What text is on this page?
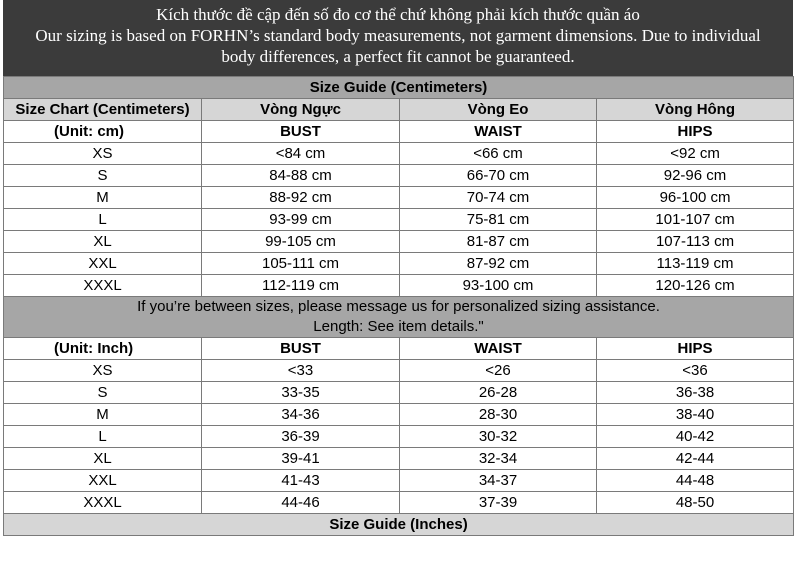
Kích thước đề cập đến số đo cơ thể chứ không phải kích thước quần áo
Our sizing is based on FORHN’s standard body measurements, not garment dimensions. Due to individual
body differences, a perfect fit cannot be guaranteed.
Size Guide (Centimeters)			
Size Chart (Centimeters)	Vòng Ngực	Vòng Eo	Vòng Hông
(Unit: cm)	BUST	WAIST	HIPS
XS	<84 cm	<66 cm	<92 cm
S	84-88 cm	66-70 cm	92-96 cm
M	88-92 cm	70-74 cm	96-100 cm
L	93-99 cm	75-81 cm	101-107 cm
XL	99-105 cm	81-87 cm	107-113 cm
XXL	105-111 cm	87-92 cm	113-119 cm
XXXL	112-119 cm	93-100 cm	120-126 cm

If you’re between sizes, please message us for personalized sizing assistance.
Length: See item details."			

(Unit: Inch)	BUST	WAIST	HIPS
XS	<33	<26	<36
S	33-35	26-28	36-38
M	34-36	28-30	38-40
L	36-39	30-32	40-42
XL	39-41	32-34	42-44
XXL	41-43	34-37	44-48
XXXL	44-46	37-39	48-50
Size Guide (Inches)			
